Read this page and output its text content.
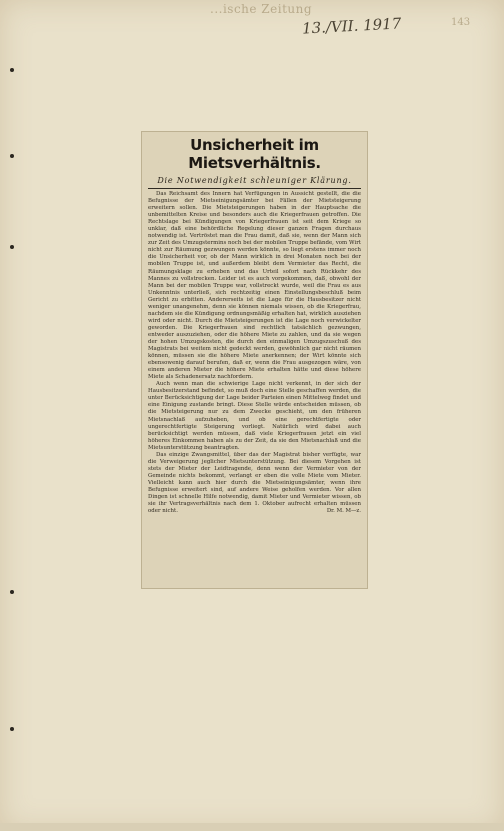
...ische Zeitung
13./VII. 1917	143
Unsicherheit im Mietsverhältnis.
Die Notwendigkeit schleuniger Klärung.

Das Reichsamt des Innern hat Verfügungen in Aussicht gestellt, die die Befugnisse der Mietseinigungsämter bei Fällen der Mietsteigerung erweitern sollen. Die Mietsteigerungen haben in der Hauptsache die unbemittelten Kreise und besonders auch die Kriegerfrauen getroffen. Die Rechtslage bei Kündigungen von Kriegerfrauen ist seit dem Kriege so unklar, daß eine behördliche Regelung dieser ganzen Fragen durchaus notwendig ist. Vertröstet man die Frau damit, daß sie, wenn der Mann sich zur Zeit des Umzugstermins noch bei der mobilen Truppe befände, vom Wirt nicht zur Räumung gezwungen werden könnte, so liegt erstens immer noch die Unsicherheit vor, ob der Mann wirklich in drei Monaten noch bei der mobilen Truppe ist, und außerdem bleibt dem Vermieter das Recht, die Räumungsklage zu erheben und das Urteil sofort nach Rückkehr des Mannes zu vollstrecken. Leider ist es auch vorgekommen, daß, obwohl der Mann bei der mobilen Truppe war, vollstreckt wurde, weil die Frau es aus Unkenntnis unterließ, sich rechtzeitig einen Einstellungsbeschluß beim Gericht zu erbitten. Andererseits ist die Lage für die Hausbesitzer nicht weniger unangenehm, denn sie können niemals wissen, ob die Kriegerfrau, nachdem sie die Kündigung ordnungsmäßig erhalten hat, wirklich ausziehen wird oder nicht. Durch die Mietsteigerungen ist die Lage noch verwickelter geworden. Die Kriegerfrauen sind rechtlich tatsächlich gezwungen, entweder auszuziehen, oder die höhere Miete zu zahlen, und da sie wegen der hohen Umzugskosten, die durch den einmaligen Umzugszuschuß des Magistrats bei weitem nicht gedeckt werden, gewöhnlich gar nicht räumen können, müssen sie die höhere Miete anerkennen; der Wirt könnte sich ebensowenig darauf berufen, daß er, wenn die Frau ausgezogen wäre, von einem anderen Mieter die höhere Miete erhalten hätte und diese höhere Miete als Schadenersatz nachfordern.

Auch wenn man die schwierige Lage nicht verkennt, in der sich der Hausbesitzerstand befindet, so muß doch eine Stelle geschaffen werden, die unter Berücksichtigung der Lage beider Parteien einen Mittelweg findet und eine Einigung zustande bringt. Diese Stelle würde entscheiden müssen, ob die Mietsteigerung nur zu dem Zwecke geschieht, um den früheren Mietsnachlaß aufzuheben, und ob eine gerechtfertigte oder ungerechtfertigte Steigerung vorliegt. Natürlich wird dabei auch berücksichtigt werden müssen, daß viele Kriegerfrauen jetzt ein viel höheres Einkommen haben als zu der Zeit, da sie den Mietsnachlaß und die Mietsunterstützung beantragten.

Das einzige Zwangsmittel, über das der Magistrat bisher verfügte, war die Verweigerung jeglicher Mietsunterstützung. Bei diesem Vorgehen ist stets der Mieter der Leidtragende, denn wenn der Vermieter von der Gemeinde nichts bekommt, verlangt er eben die volle Miete vom Mieter. Vielleicht kann auch hier durch die Mietseinigungsämter, wenn ihre Befugnisse erweitert sind, auf andere Weise geholfen werden. Vor allen Dingen ist schnelle Hilfe notwendig, damit Mieter und Vermieter wissen, ob sie ihr Vertragsverhältnis nach dem 1. Oktober aufrecht erhalten müssen oder nicht.	Dr. M. M—z.
